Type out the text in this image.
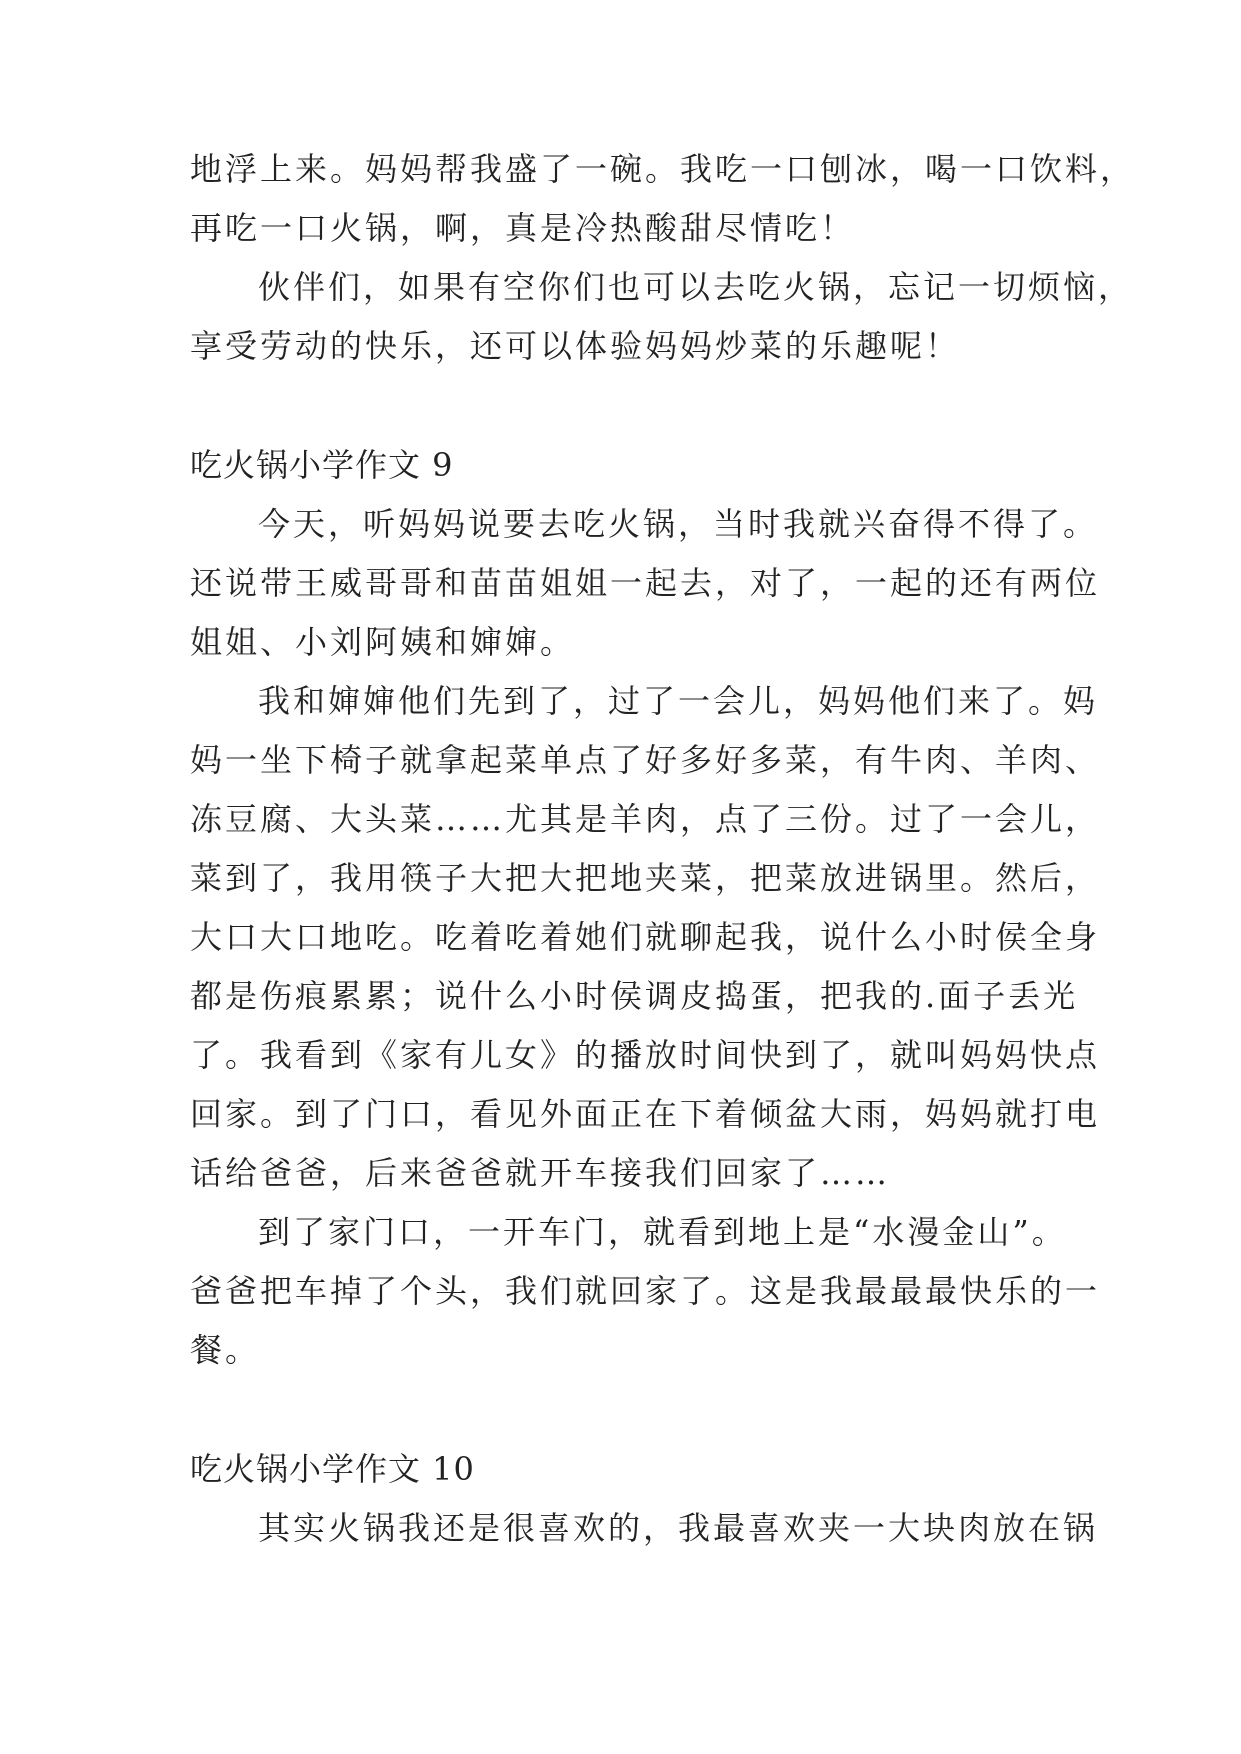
地浮上来。妈妈帮我盛了一碗。我吃一口刨冰，喝一口饮料，
再吃一口火锅，啊，真是冷热酸甜尽情吃！
伙伴们，如果有空你们也可以去吃火锅，忘记一切烦恼，
享受劳动的快乐，还可以体验妈妈炒菜的乐趣呢！
吃火锅小学作文 9
今天，听妈妈说要去吃火锅，当时我就兴奋得不得了。
还说带王威哥哥和苗苗姐姐一起去，对了，一起的还有两位
姐姐、小刘阿姨和婶婶。
我和婶婶他们先到了，过了一会儿，妈妈他们来了。妈
妈一坐下椅子就拿起菜单点了好多好多菜，有牛肉、羊肉、
冻豆腐、大头菜……尤其是羊肉，点了三份。过了一会儿，
菜到了，我用筷子大把大把地夹菜，把菜放进锅里。然后，
大口大口地吃。吃着吃着她们就聊起我，说什么小时侯全身
都是伤痕累累；说什么小时侯调皮捣蛋，把我的.面子丢光
了。我看到《家有儿女》的播放时间快到了，就叫妈妈快点
回家。到了门口，看见外面正在下着倾盆大雨，妈妈就打电
话给爸爸，后来爸爸就开车接我们回家了……
到了家门口，一开车门，就看到地上是“水漫金山”。
爸爸把车掉了个头，我们就回家了。这是我最最最快乐的一
餐。
吃火锅小学作文 10
其实火锅我还是很喜欢的，我最喜欢夹一大块肉放在锅
